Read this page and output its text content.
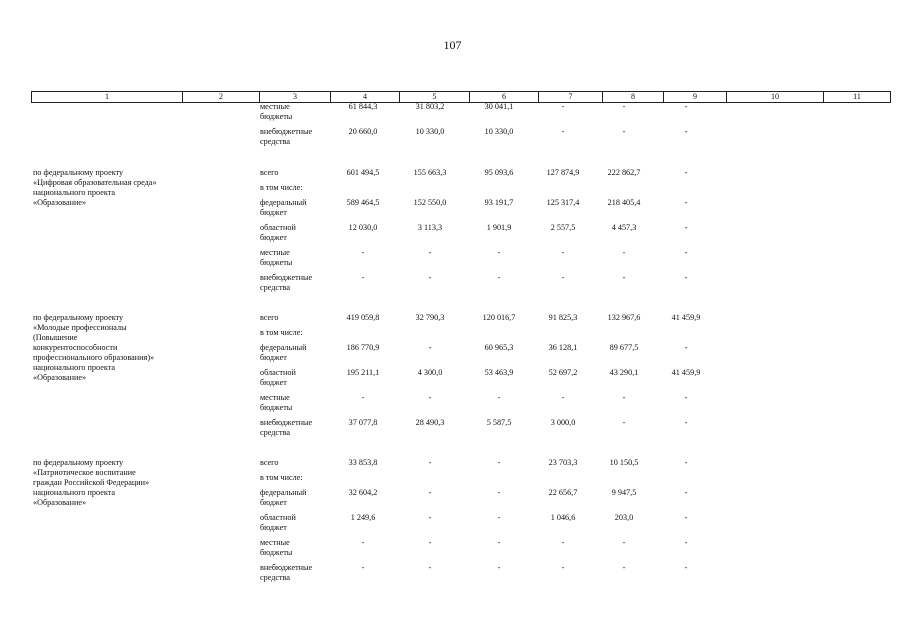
107
1	2	3	4	5	6	7	8	9	10	11
местные
бюджеты
61 844,3	31 803,2	30 041,1	-	-	-
внебюджетные
средства
20 660,0	10 330,0	10 330,0	-	-	-
по федеральному проекту
«Цифровая образовательная среда»
национального проекта
«Образование»
всего	601 494,5	155 663,3	95 093,6	127 874,9	222 862,7	-
в том числе:
федеральный
бюджет
589 464,5	152 550,0	93 191,7	125 317,4	218 405,4	-
областной
бюджет
12 030,0	3 113,3	1 901,9	2 557,5	4 457,3	-
местные
бюджеты
-	-	-	-	-	-
внебюджетные
средства
-	-	-	-	-	-
по федеральному проекту
«Молодые профессионалы
(Повышение
конкурентоспособности
профессионального образования)»
национального проекта
«Образование»
всего	419 059,8	32 790,3	120 016,7	91 825,3	132 967,6	41 459,9
в том числе:
федеральный
бюджет
186 770,9	-	60 965,3	36 128,1	89 677,5	-
областной
бюджет
195 211,1	4 300,0	53 463,9	52 697,2	43 290,1	41 459,9
местные
бюджеты
-	-	-	-	-	-
внебюджетные
средства
37 077,8	28 490,3	5 587,5	3 000,0	-	-
по федеральному проекту
«Патриотическое воспитание
граждан Российской Федерации»
национального проекта
«Образование»
всего	33 853,8	-	-	23 703,3	10 150,5	-
в том числе:
федеральный
бюджет
32 604,2	-	-	22 656,7	9 947,5	-
областной
бюджет
1 249,6	-	-	1 046,6	203,0	-
местные
бюджеты
-	-	-	-	-	-
внебюджетные
средства
-	-	-	-	-	-
